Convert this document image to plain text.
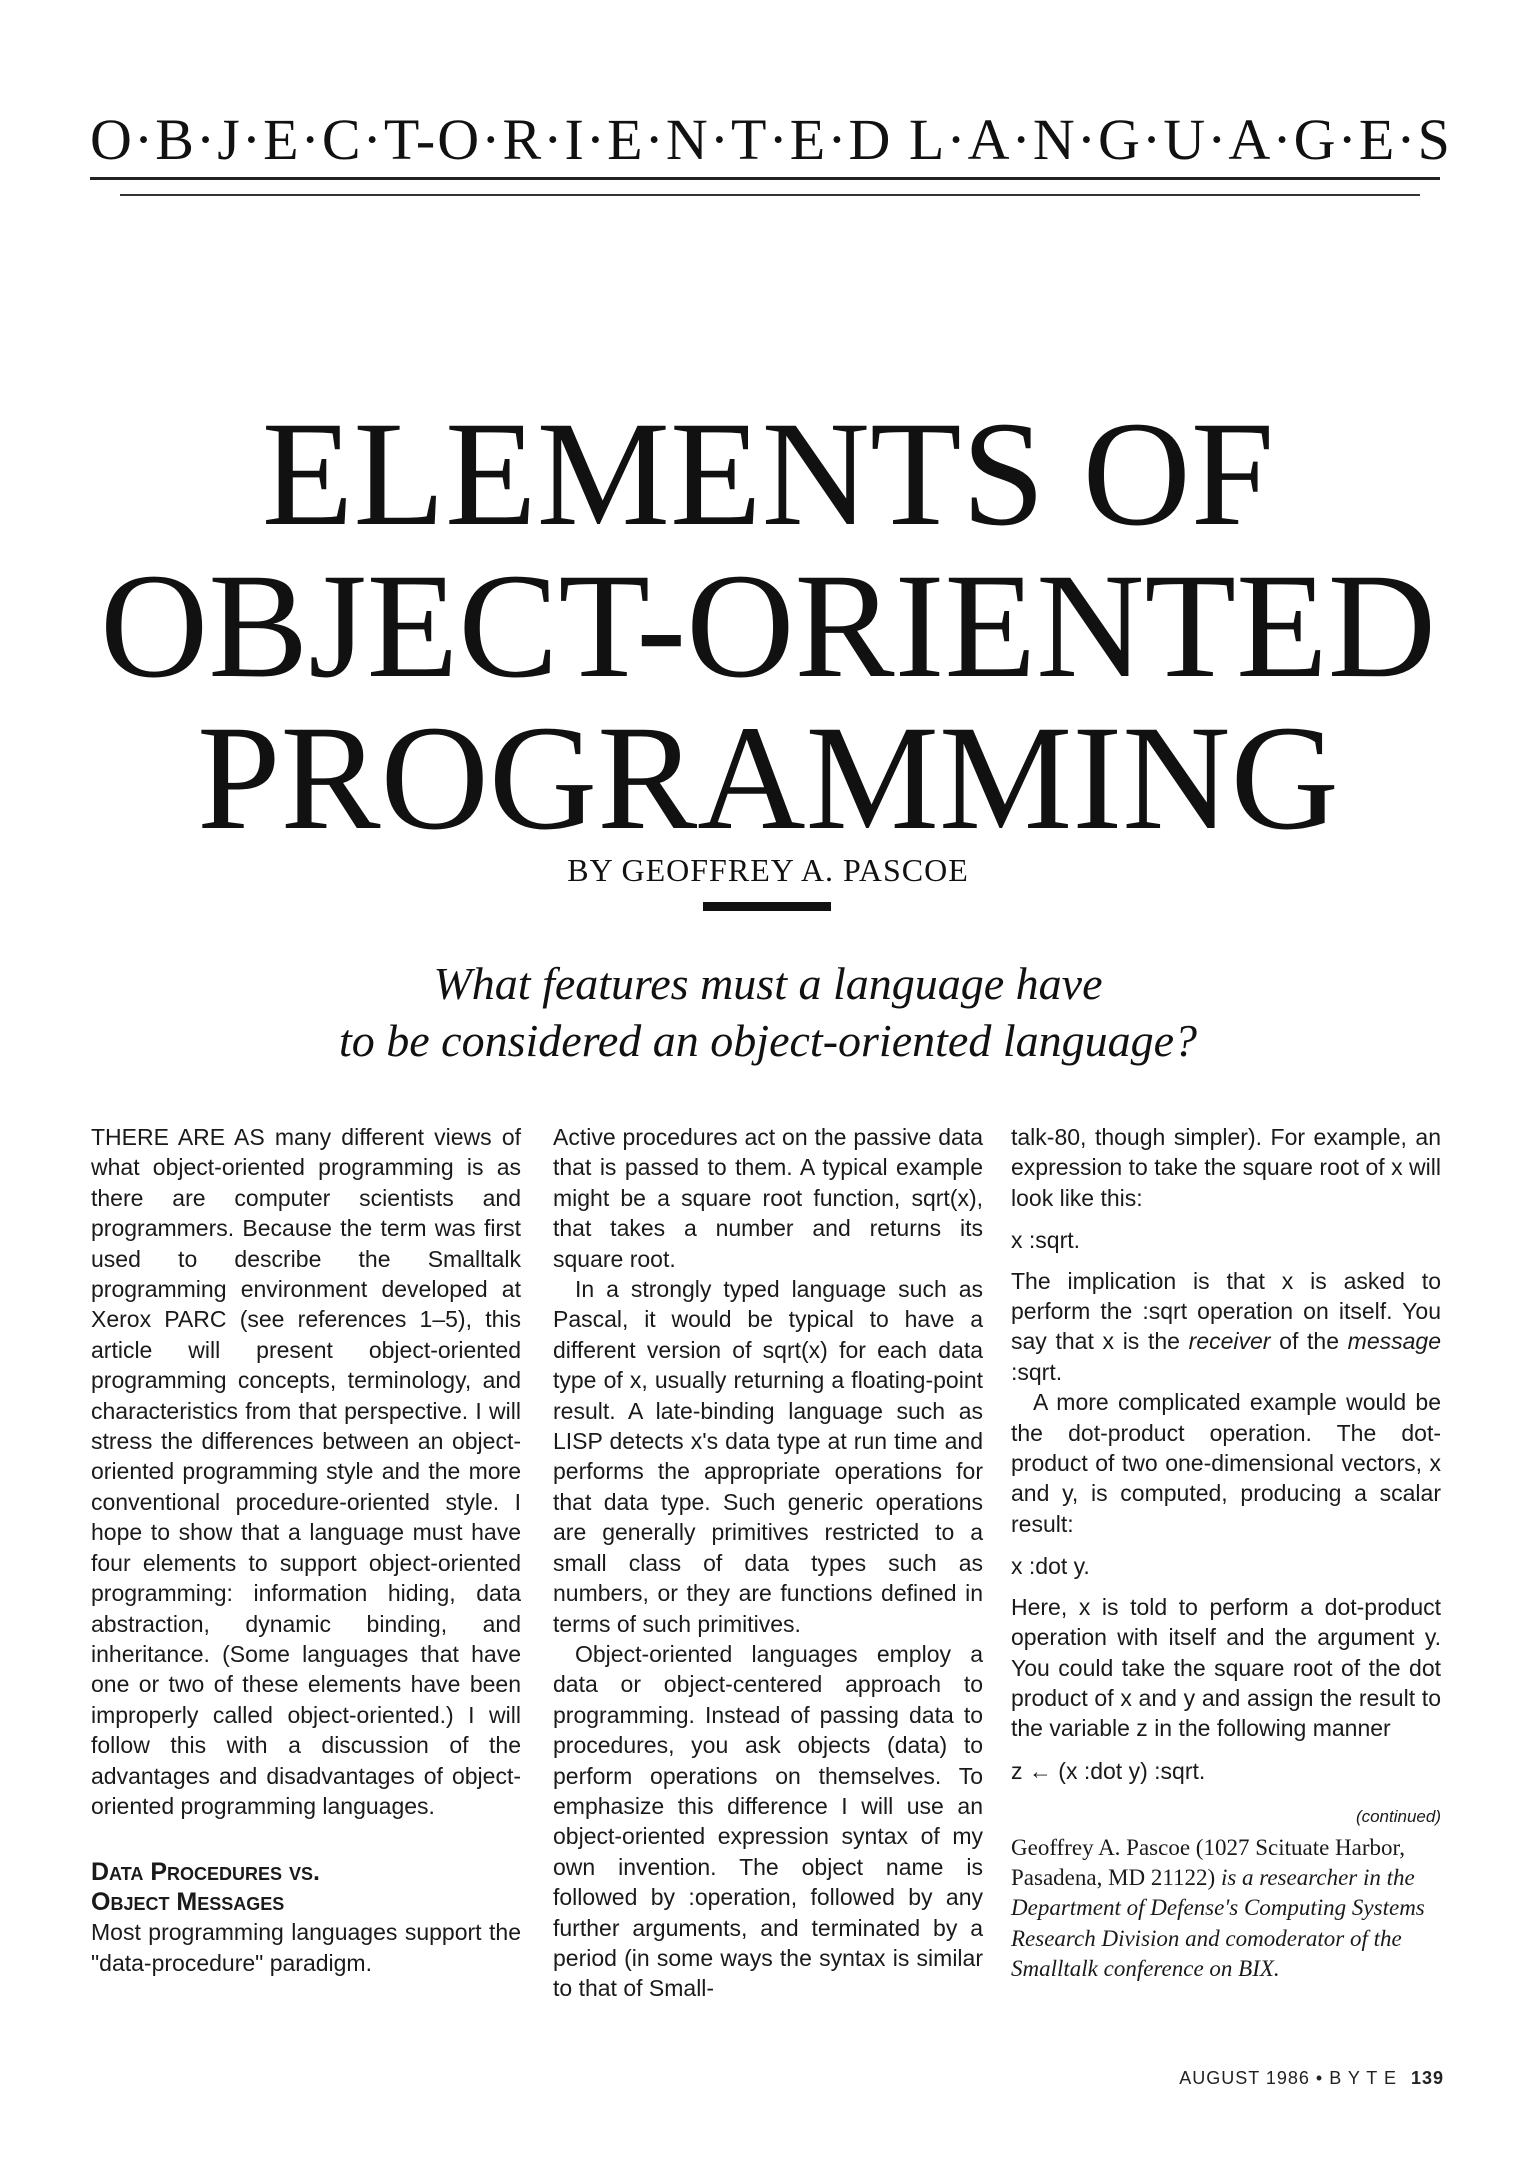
O·B·J·E·C·T-O·R·I·E·N·T·E·D L·A·N·G·U·A·G·E·S
ELEMENTS OF
OBJECT-ORIENTED
PROGRAMMING
BY GEOFFREY A. PASCOE
What features must a language have
to be considered an object-oriented language?

THERE ARE AS many different views of what object-oriented programming is as there are computer scientists and programmers. Because the term was first used to describe the Smalltalk programming environment developed at Xerox PARC (see references 1–5), this article will present object-oriented programming concepts, terminology, and characteristics from that perspective. I will stress the differences between an object-oriented programming style and the more conventional procedure-oriented style. I hope to show that a language must have four elements to support object-oriented programming: information hiding, data abstraction, dynamic binding, and inheritance. (Some languages that have one or two of these elements have been improperly called object-oriented.) I will follow this with a discussion of the advantages and disadvantages of object-oriented programming languages.

Data Procedures vs.
Object Messages

Most programming languages support the "data-procedure" paradigm.

Active procedures act on the passive data that is passed to them. A typical example might be a square root function, sqrt(x), that takes a number and returns its square root.

In a strongly typed language such as Pascal, it would be typical to have a different version of sqrt(x) for each data type of x, usually returning a floating-point result. A late-binding language such as LISP detects x's data type at run time and performs the appropriate operations for that data type. Such generic operations are generally primitives restricted to a small class of data types such as numbers, or they are functions defined in terms of such primitives.

Object-oriented languages employ a data or object-centered approach to programming. Instead of passing data to procedures, you ask objects (data) to perform operations on themselves. To emphasize this difference I will use an object-oriented expression syntax of my own invention. The object name is followed by :operation, followed by any further arguments, and terminated by a period (in some ways the syntax is similar to that of Small-

talk-80, though simpler). For example, an expression to take the square root of x will look like this:

x :sqrt.

The implication is that x is asked to perform the :sqrt operation on itself. You say that x is the receiver of the message :sqrt.

A more complicated example would be the dot-product operation. The dot-product of two one-dimensional vectors, x and y, is computed, producing a scalar result:

x :dot y.

Here, x is told to perform a dot-product operation with itself and the argument y. You could take the square root of the dot product of x and y and assign the result to the variable z in the following manner

z ← (x :dot y) :sqrt.

(continued)

Geoffrey A. Pascoe (1027 Scituate Harbor, Pasadena, MD 21122) is a researcher in the Department of Defense's Computing Systems Research Division and comoderator of the Smalltalk conference on BIX.

AUGUST 1986 • B Y T E 139
